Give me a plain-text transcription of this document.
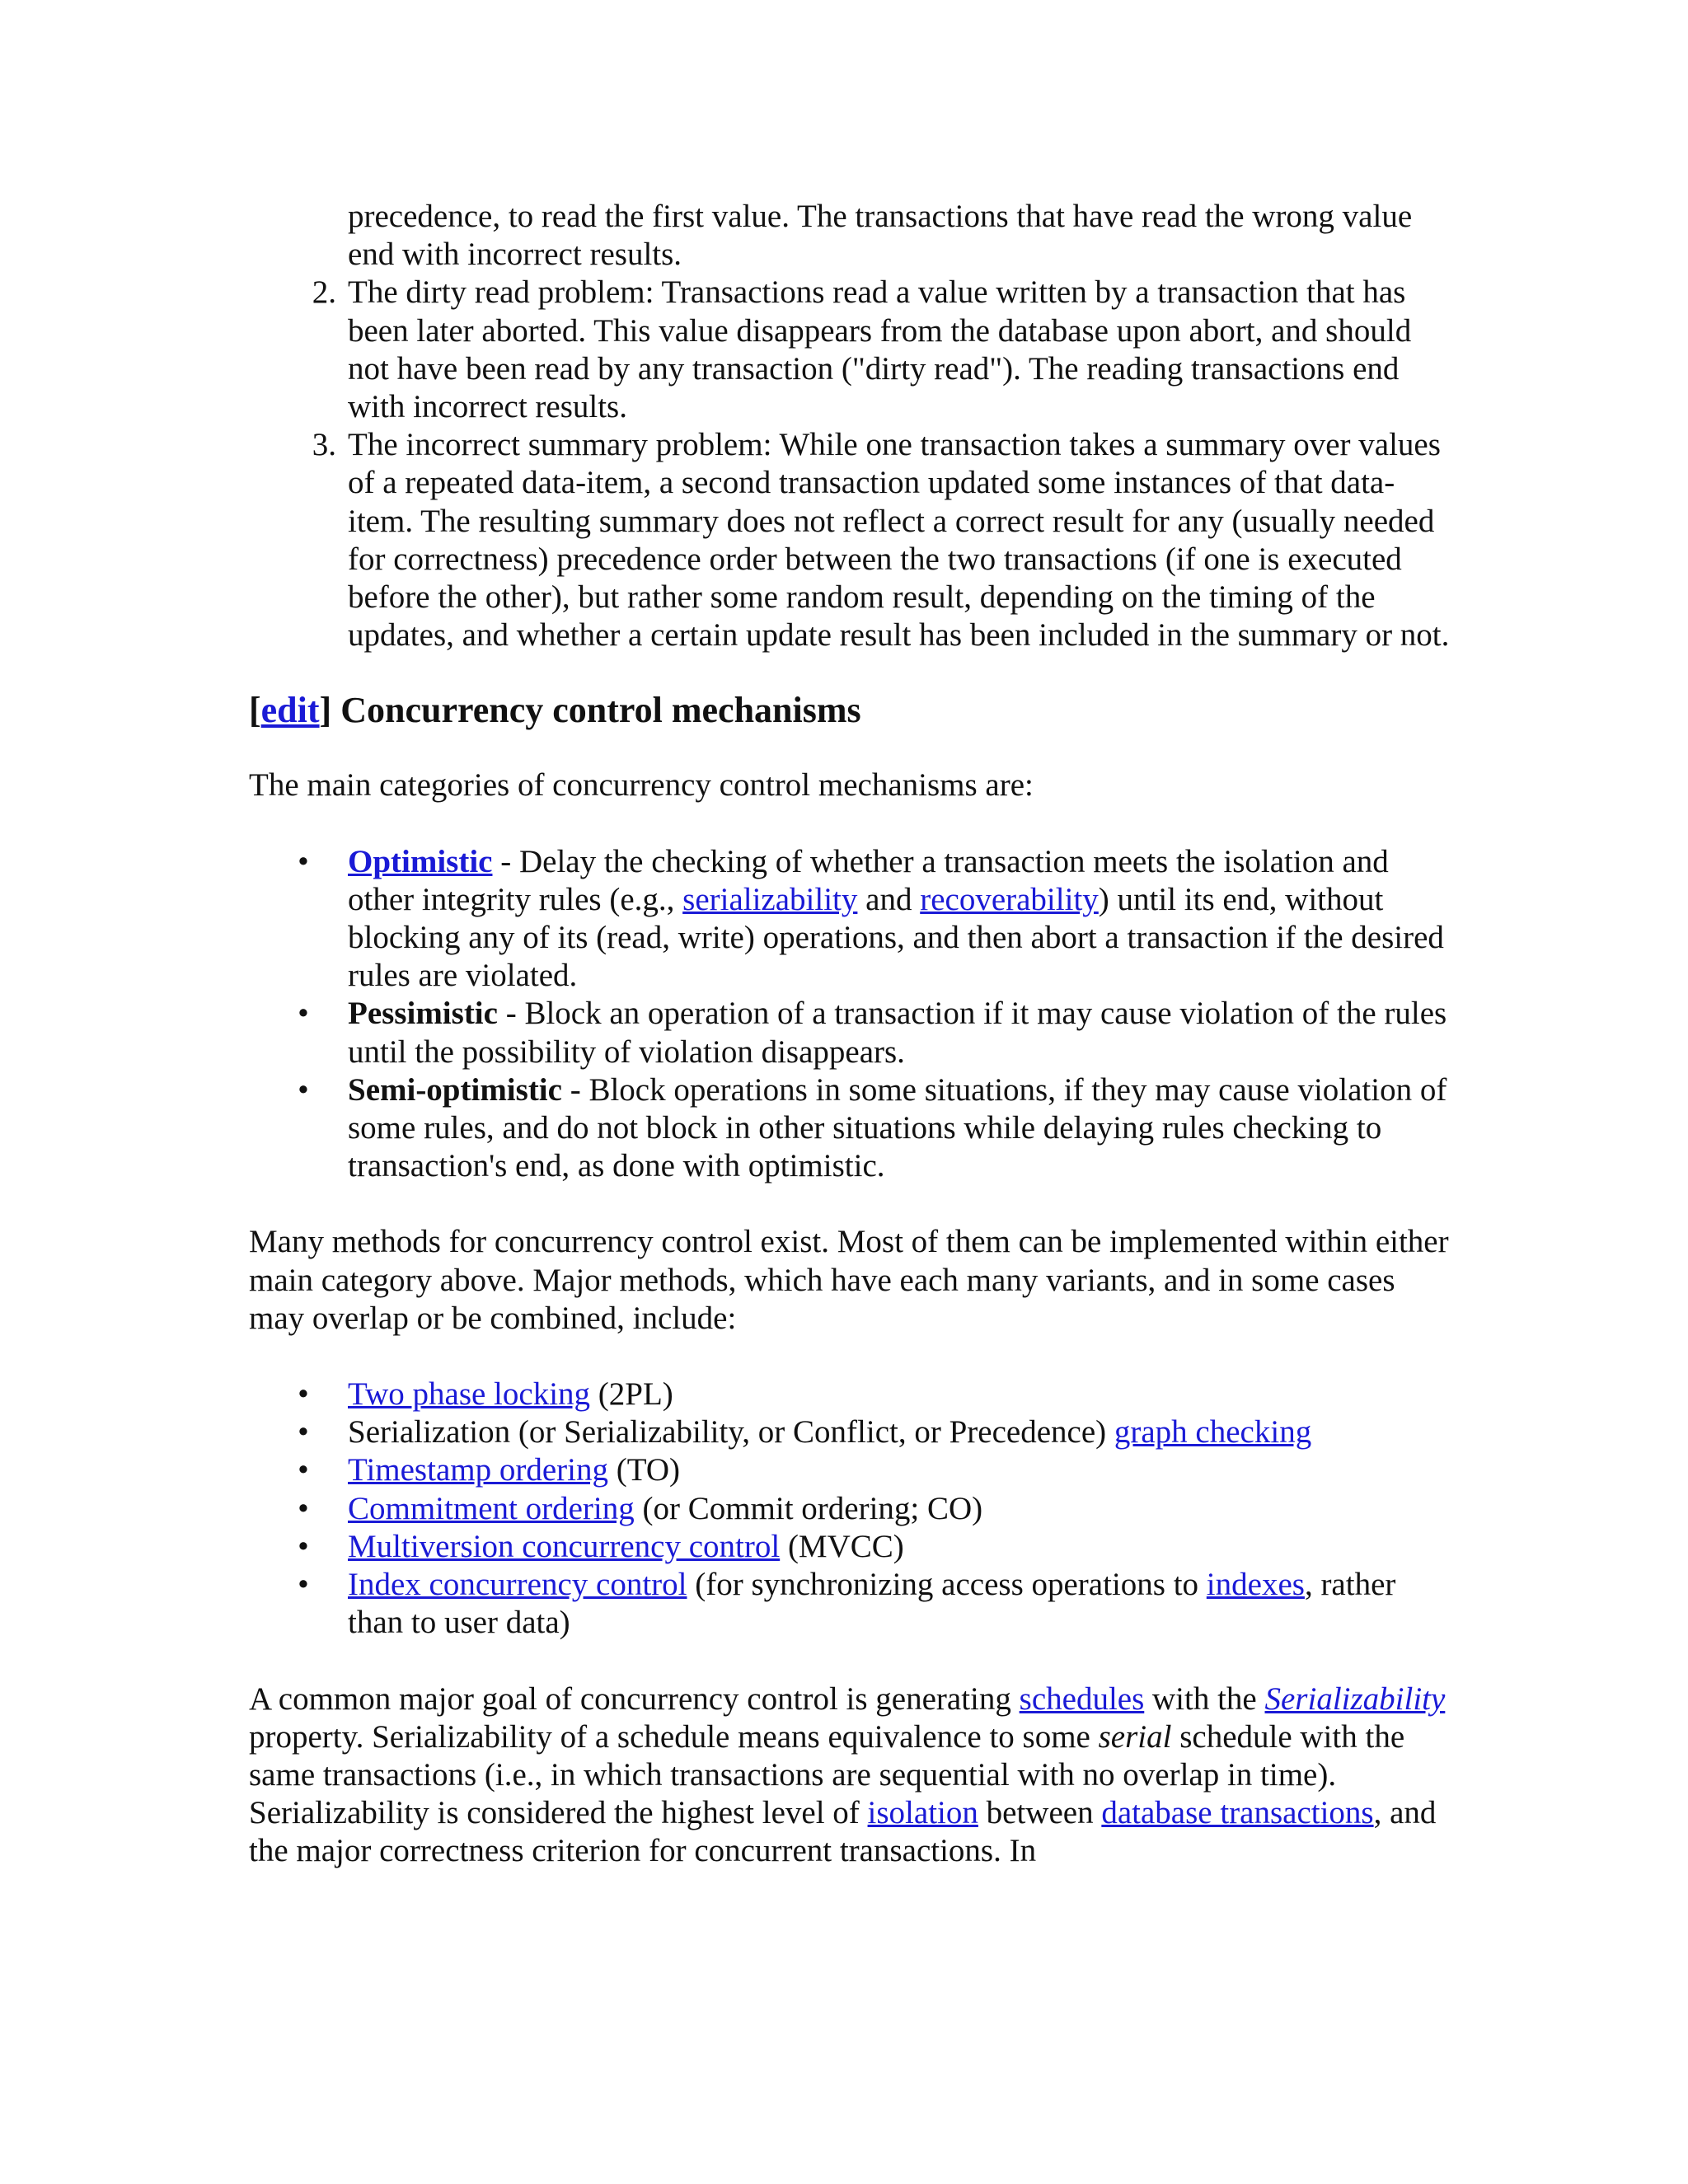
precedence, to read the first value. The transactions that have read the wrong value end with incorrect results.
2. The dirty read problem: Transactions read a value written by a transaction that has been later aborted. This value disappears from the database upon abort, and should not have been read by any transaction ("dirty read"). The reading transactions end with incorrect results.
3. The incorrect summary problem: While one transaction takes a summary over values of a repeated data-item, a second transaction updated some instances of that data-item. The resulting summary does not reflect a correct result for any (usually needed for correctness) precedence order between the two transactions (if one is executed before the other), but rather some random result, depending on the timing of the updates, and whether a certain update result has been included in the summary or not.
[edit] Concurrency control mechanisms

The main categories of concurrency control mechanisms are:

• Optimistic - Delay the checking of whether a transaction meets the isolation and other integrity rules (e.g., serializability and recoverability) until its end, without blocking any of its (read, write) operations, and then abort a transaction if the desired rules are violated.
• Pessimistic - Block an operation of a transaction if it may cause violation of the rules until the possibility of violation disappears.
• Semi-optimistic - Block operations in some situations, if they may cause violation of some rules, and do not block in other situations while delaying rules checking to transaction's end, as done with optimistic.

Many methods for concurrency control exist. Most of them can be implemented within either main category above. Major methods, which have each many variants, and in some cases may overlap or be combined, include:

• Two phase locking (2PL)
• Serialization (or Serializability, or Conflict, or Precedence) graph checking
• Timestamp ordering (TO)
• Commitment ordering (or Commit ordering; CO)
• Multiversion concurrency control (MVCC)
• Index concurrency control (for synchronizing access operations to indexes, rather than to user data)

A common major goal of concurrency control is generating schedules with the Serializability property. Serializability of a schedule means equivalence to some serial schedule with the same transactions (i.e., in which transactions are sequential with no overlap in time). Serializability is considered the highest level of isolation between database transactions, and the major correctness criterion for concurrent transactions. In
